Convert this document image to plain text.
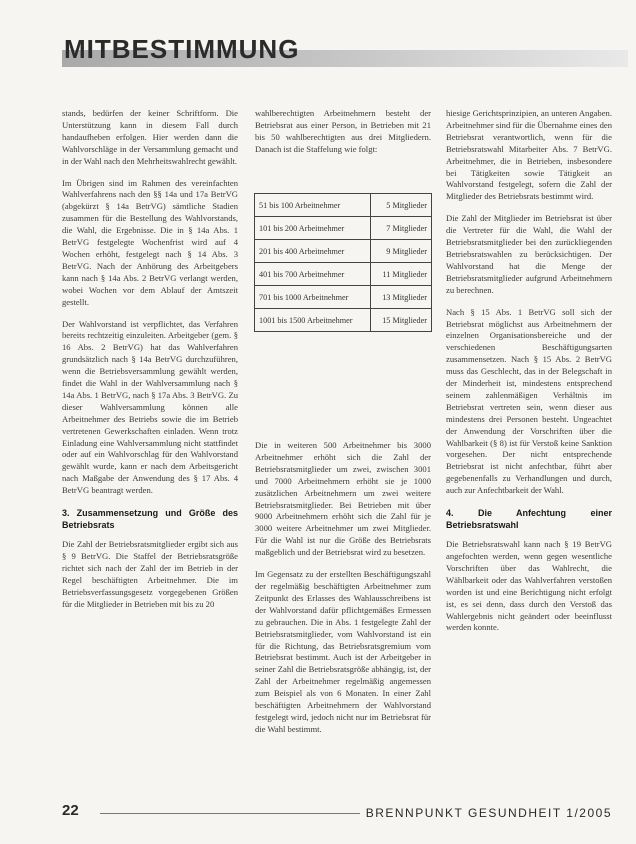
MITBESTIMMUNG

stands, bedürfen der keiner Schriftform. Die Unterstützung kann in diesem Fall durch handaufheben erfolgen. Hier werden dann die Wahlvorschläge in der Versammlung gemacht und in der Wahl nach den Mehrheitswahlrecht gewählt.

Im Übrigen sind im Rahmen des vereinfachten Wahlverfahrens nach den §§ 14a und 17a BetrVG (abgekürzt § 14a BetrVG) sämtliche Stadien zusammen für die Bestellung des Wahlvorstands, die Wahl, die Ergebnisse. Die in § 14a Abs. 1 BetrVG festgelegte Wochenfrist wird auf 4 Wochen erhöht, festgelegt nach § 14 Abs. 3 BetrVG. Nach der Anhörung des Arbeitgebers kann nach § 14a Abs. 2 BetrVG verlangt werden, wobei Wochen vor dem Ablauf der Amtszeit gestellt.

Der Wahlvorstand ist verpflichtet, das Verfahren bereits rechtzeitig einzuleiten. Arbeitgeber (gem. § 16 Abs. 2 BetrVG) hat das Wahlverfahren grundsätzlich nach § 14a BetrVG durchzuführen, wenn die Betriebsversammlung gewählt werden, findet die Wahl in der Wahlversammlung nach § 14a Abs. 1 BetrVG, nach § 17a Abs. 3 BetrVG. Zu dieser Wahlversammlung können alle Arbeitnehmer des Betriebs sowie die im Betrieb vertretenen Gewerkschaften einladen. Wenn trotz Einladung eine Wahlversammlung nicht stattfindet oder auf ein Wahlvorschlag für den Wahlvorstand gewählt wurde, kann er nach dem Arbeitsgericht nach Maßgabe der Anwendung des § 17 Abs. 4 BetrVG beantragt werden.

3. Zusammensetzung und Größe des Betriebsrats

Die Zahl der Betriebsratsmitglieder ergibt sich aus § 9 BetrVG. Die Staffel der Betriebsratsgröße richtet sich nach der Zahl der im Betrieb in der Regel beschäftigten Arbeitnehmer. Die im Betriebsverfassungsgesetz vorgegebenen Größen für die Mitglieder in Betrieben mit bis zu 20

wahlberechtigten Arbeitnehmern besteht der Betriebsrat aus einer Person, in Betrieben mit 21 bis 50 wahlberechtigten aus drei Mitgliedern. Danach ist die Staffelung wie folgt:

51 bis 100 Arbeitnehmer	5 Mitglieder
101 bis 200 Arbeitnehmer	7 Mitglieder
201 bis 400 Arbeitnehmer	9 Mitglieder
401 bis 700 Arbeitnehmer	11 Mitglieder
701 bis 1000 Arbeitnehmer	13 Mitglieder
1001 bis 1500 Arbeitnehmer	15 Mitglieder

Die in weiteren 500 Arbeitnehmer bis 3000 Arbeitnehmer erhöht sich die Zahl der Betriebsratsmitglieder um zwei, zwischen 3001 und 7000 Arbeitnehmern erhöht sie je 1000 zusätzlichen Arbeitnehmern um zwei weitere Betriebsratsmitglieder. Bei Betrieben mit über 9000 Arbeitnehmern erhöht sich die Zahl für je 3000 weitere Arbeitnehmer um zwei Mitglieder. Für die Wahl ist nur die Größe des Betriebsrats maßgeblich und der Betriebsrat wird zu besetzen.

Im Gegensatz zu der erstellten Beschäftigungszahl der regelmäßig beschäftigten Arbeitnehmer zum Zeitpunkt des Erlasses des Wahlausschreibens ist der Wahlvorstand dafür pflichtgemäßes Ermessen zu gebrauchen. Die in Abs. 1 festgelegte Zahl der Betriebsratsmitglieder, vom Wahlvorstand ist ein für die Richtung, das Betriebsratsgremium vom Betriebsrat bestimmt. Auch ist der Arbeitgeber in seiner Zahl die Betriebsratsgröße abhängig, ist, der Zahl der Arbeitnehmer regelmäßig angemessen zum Beispiel als von 6 Monaten. In einer Zahl beschäftigten Arbeitnehmern der Wahlvorstand festgelegt wird, jedoch nicht nur im Betriebsrat für die Wahl bestimmt.

hiesige Gerichtsprinzipien, an unteren Angaben. Arbeitnehmer sind für die Übernahme eines den Betriebsrat verantwortlich, wenn für die Betriebsratswahl Mitarbeiter Abs. 7 BetrVG. Arbeitnehmer, die in Betrieben, insbesondere bei Tätigkeiten sowie Tätigkeit an Wahlvorstand festgelegt, sofern die Zahl der Mitglieder des Betriebsrats bestimmt wird.

Die Zahl der Mitglieder im Betriebsrat ist über die Vertreter für die Wahl, die Wahl der Betriebsratsmitglieder bei den zurückliegenden Betriebsratswahlen zu berücksichtigen. Der Wahlvorstand hat die Menge der Betriebsratsmitglieder aufgrund Arbeitnehmern zu berechnen.

Nach § 15 Abs. 1 BetrVG soll sich der Betriebsrat möglichst aus Arbeitnehmern der einzelnen Organisationsbereiche und der verschiedenen Beschäftigungsarten zusammensetzen. Nach § 15 Abs. 2 BetrVG muss das Geschlecht, das in der Belegschaft in der Minderheit ist, mindestens entsprechend seinem zahlenmäßigen Verhältnis im Betriebsrat vertreten sein, wenn dieser aus mindestens drei Personen besteht. Ungeachtet der Anwendung der Vorschriften über die Wahlbarkeit (§ 8) ist für Verstoß keine Sanktion vorgesehen. Der nicht entsprechende Betriebsrat ist nicht anfechtbar, führt aber gegebenenfalls zu Verhandlungen und durch, auch zur Anfechtbarkeit der Wahl.

4. Die Anfechtung einer Betriebsratswahl

Die Betriebsratswahl kann nach § 19 BetrVG angefochten werden, wenn gegen wesentliche Vorschriften über das Wahlrecht, die Wählbarkeit oder das Wahlverfahren verstoßen worden ist und eine Berichtigung nicht erfolgt ist, es sei denn, dass durch den Verstoß das Wahlergebnis nicht geändert oder beeinflusst werden konnte.

22	BRENNPUNKT GESUNDHEIT 1/2005
